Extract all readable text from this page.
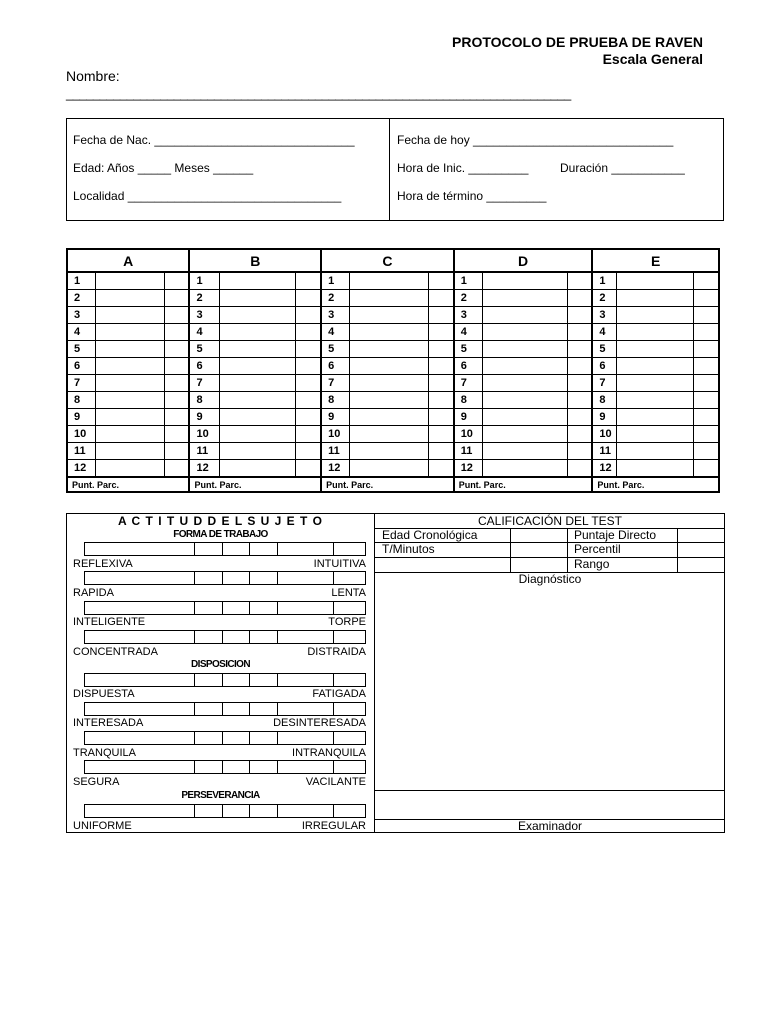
PROTOCOLO DE PRUEBA DE RAVEN
Escala General
Nombre:
___________________________________________________________________________
Fecha de Nac. ______________________________
Edad: Años _____ Meses ______
Localidad ________________________________
Fecha de hoy ______________________________
Hora de Inic. _________	Duración ___________
Hora de término _________
A			B			C			D			E		
1			1			1			1			1		
2			2			2			2			2		
3			3			3			3			3		
4			4			4			4			4		
5			5			5			5			5		
6			6			6			6			6		
7			7			7			7			7		
8			8			8			8			8		
9			9			9			9			9		
10			10			10			10			10		
11			11			11			11			11		
12			12			12			12			12		
Punt. Parc.			Punt. Parc.			Punt. Parc.			Punt. Parc.			Punt. Parc.		
A C T I T U D D E L S U J E T O
FORMA DE TRABAJO
CALIFICACIÓN DEL TEST
Edad Cronológica	Puntaje Directo
T/Minutos	Percentil
Rango
Diagnóstico
Examinador
REFLEXIVA	INTUITIVA
RAPIDA	LENTA
INTELIGENTE	TORPE
CONCENTRADA	DISTRAIDA
DISPUESTA	FATIGADA
INTERESADA	DESINTERESADA
TRANQUILA	INTRANQUILA
SEGURA	VACILANTE
UNIFORME	IRREGULAR
DISPOSICION
PERSEVERANCIA
